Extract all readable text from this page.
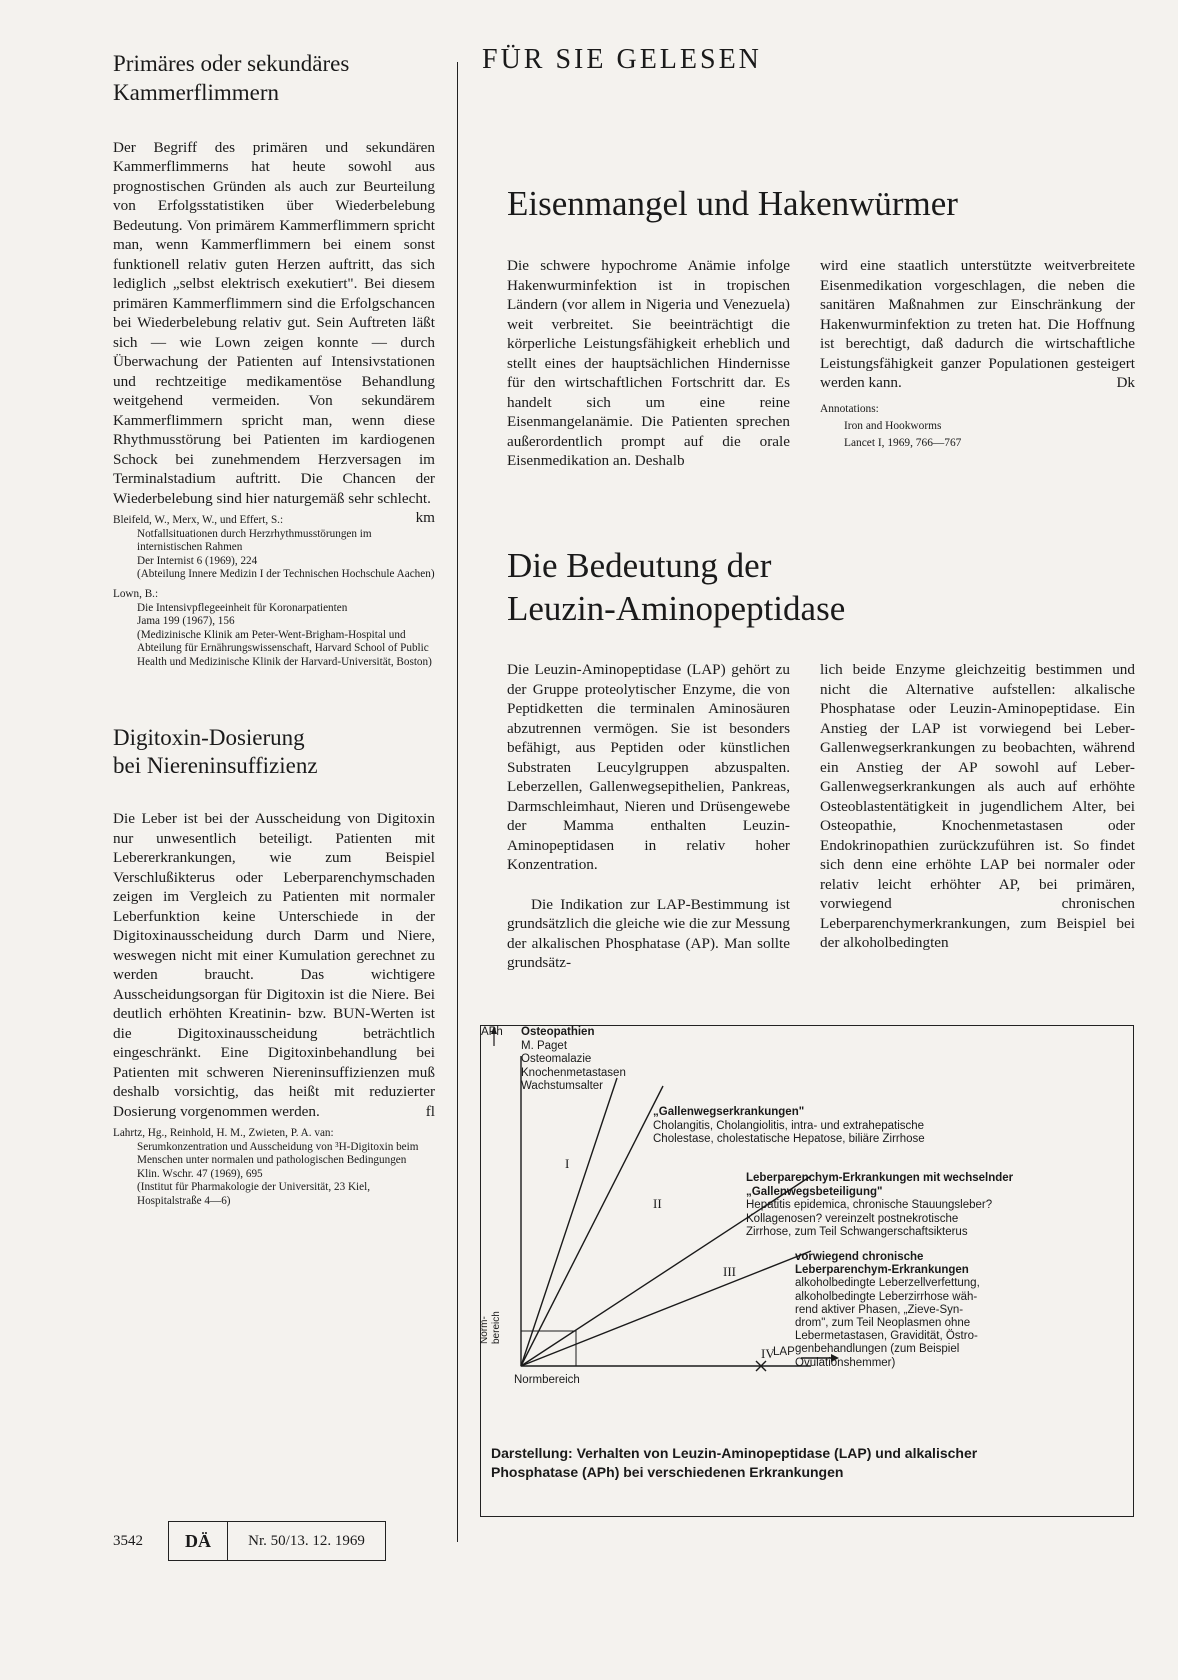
FÜR SIE GELESEN
Primäres oder sekundäres Kammerflimmern

Der Begriff des primären und sekundären Kammerflimmerns hat heute sowohl aus prognostischen Gründen als auch zur Beurteilung von Erfolgsstatistiken über Wiederbelebung Bedeutung. Von primärem Kammerflimmern spricht man, wenn Kammerflimmern bei einem sonst funktionell relativ guten Herzen auftritt, das sich lediglich „selbst elektrisch exekutiert". Bei diesem primären Kammerflimmern sind die Erfolgschancen bei Wiederbelebung relativ gut. Sein Auftreten läßt sich — wie Lown zeigen konnte — durch Überwachung der Patienten auf Intensivstationen und rechtzeitige medikamentöse Behandlung weitgehend vermeiden. Von sekundärem Kammerflimmern spricht man, wenn diese Rhythmusstörung bei Patienten im kardiogenen Schock bei zunehmendem Herzversagen im Terminalstadium auftritt. Die Chancen der Wiederbelebung sind hier naturgemäß sehr schlecht.
km

Bleifeld, W., Merx, W., und Effert, S.:

Notfallsituationen durch Herzrhythmusstörungen im internistischen Rahmen

Der Internist 6 (1969), 224

(Abteilung Innere Medizin I der Technischen Hochschule Aachen)

Lown, B.:

Die Intensivpflegeeinheit für Koronarpatienten

Jama 199 (1967), 156

(Medizinische Klinik am Peter-Went-Brigham-Hospital und Abteilung für Ernährungswissenschaft, Harvard School of Public Health und Medizinische Klinik der Harvard-Universität, Boston)

Digitoxin-Dosierung
bei Niereninsuffizienz

Die Leber ist bei der Ausscheidung von Digitoxin nur unwesentlich beteiligt. Patienten mit Lebererkrankungen, wie zum Beispiel Verschlußikterus oder Leberparenchymschaden zeigen im Vergleich zu Patienten mit normaler Leberfunktion keine Unterschiede in der Digitoxinausscheidung durch Darm und Niere, weswegen nicht mit einer Kumulation gerechnet zu werden braucht. Das wichtigere Ausscheidungsorgan für Digitoxin ist die Niere. Bei deutlich erhöhten Kreatinin- bzw. BUN-Werten ist die Digitoxinausscheidung beträchtlich eingeschränkt. Eine Digitoxinbehandlung bei Patienten mit schweren Niereninsuffizienzen muß deshalb vorsichtig, das heißt mit reduzierter Dosierung vorgenommen werden.	fl

Lahrtz, Hg., Reinhold, H. M., Zwieten, P. A. van:

Serumkonzentration und Ausscheidung von ³H-Digitoxin beim Menschen unter normalen und pathologischen Bedingungen

Klin. Wschr. 47 (1969), 695

(Institut für Pharmakologie der Universität, 23 Kiel, Hospitalstraße 4—6)

Eisenmangel und Hakenwürmer

Die schwere hypochrome Anämie infolge Hakenwurminfektion ist in tropischen Ländern (vor allem in Nigeria und Venezuela) weit verbreitet. Sie beeinträchtigt die körperliche Leistungsfähigkeit erheblich und stellt eines der hauptsächlichen Hindernisse für den wirtschaftlichen Fortschritt dar. Es handelt sich um eine reine Eisenmangelanämie. Die Patienten sprechen außerordentlich prompt auf die orale Eisenmedikation an. Deshalb

wird eine staatlich unterstützte weitverbreitete Eisenmedikation vorgeschlagen, die neben die sanitären Maßnahmen zur Einschränkung der Hakenwurminfektion zu treten hat. Die Hoffnung ist berechtigt, daß dadurch die wirtschaftliche Leistungsfähigkeit ganzer Populationen gesteigert werden kann.	Dk

Annotations:
Iron and Hookworms
Lancet I, 1969, 766—767
Die Bedeutung der
Leuzin-Aminopeptidase

Die Leuzin-Aminopeptidase (LAP) gehört zu der Gruppe proteolytischer Enzyme, die von Peptidketten die terminalen Aminosäuren abzutrennen vermögen. Sie ist besonders befähigt, aus Peptiden oder künstlichen Substraten Leucylgruppen abzuspalten. Leberzellen, Gallenwegsepithelien, Pankreas, Darmschleimhaut, Nieren und Drüsengewebe der Mamma enthalten Leuzin-Aminopeptidasen in relativ hoher Konzentration.

Die Indikation zur LAP-Bestimmung ist grundsätzlich die gleiche wie die zur Messung der alkalischen Phosphatase (AP). Man sollte grundsätz-

lich beide Enzyme gleichzeitig bestimmen und nicht die Alternative aufstellen: alkalische Phosphatase oder Leuzin-Aminopeptidase. Ein Anstieg der LAP ist vorwiegend bei Leber-Gallenwegserkrankungen zu beobachten, während ein Anstieg der AP sowohl auf Leber-Gallenwegserkrankungen als auch auf erhöhte Osteoblastentätigkeit in jugendlichem Alter, bei Osteopathie, Knochenmetastasen oder Endokrinopathien zurückzuführen ist. So findet sich denn eine erhöhte LAP bei normaler oder relativ leicht erhöhter AP, bei primären, vorwiegend chronischen Leberparenchymerkrankungen, zum Beispiel bei der alkoholbedingten

APh
LAP
Normbereich
Norm- bereich
I
II
III
IV
Osteopathien
M. Paget
Osteomalazie
Knochenmetastasen
Wachstumsalter
„Gallenwegserkrankungen"
Cholangitis, Cholangiolitis, intra- und extrahepatische
Cholestase, cholestatische Hepatose, biliäre Zirrhose
Leberparenchym-Erkrankungen mit wechselnder
„Gallenwegsbeteiligung"
Hepatitis epidemica, chronische Stauungsleber?
Kollagenosen? vereinzelt postnekrotische
Zirrhose, zum Teil Schwangerschaftsikterus
vorwiegend chronische
Leberparenchym-Erkrankungen
alkoholbedingte Leberzellverfettung,
alkoholbedingte Leberzirrhose wäh-
rend aktiver Phasen, „Zieve-Syn-
drom", zum Teil Neoplasmen ohne
Lebermetastasen, Gravidität, Östro-
genbehandlungen (zum Beispiel
Ovulationshemmer)
Darstellung: Verhalten von Leuzin-Aminopeptidase (LAP) und alkalischer
Phosphatase (APh) bei verschiedenen Erkrankungen
3542	DÄ	Nr. 50/13. 12. 1969
